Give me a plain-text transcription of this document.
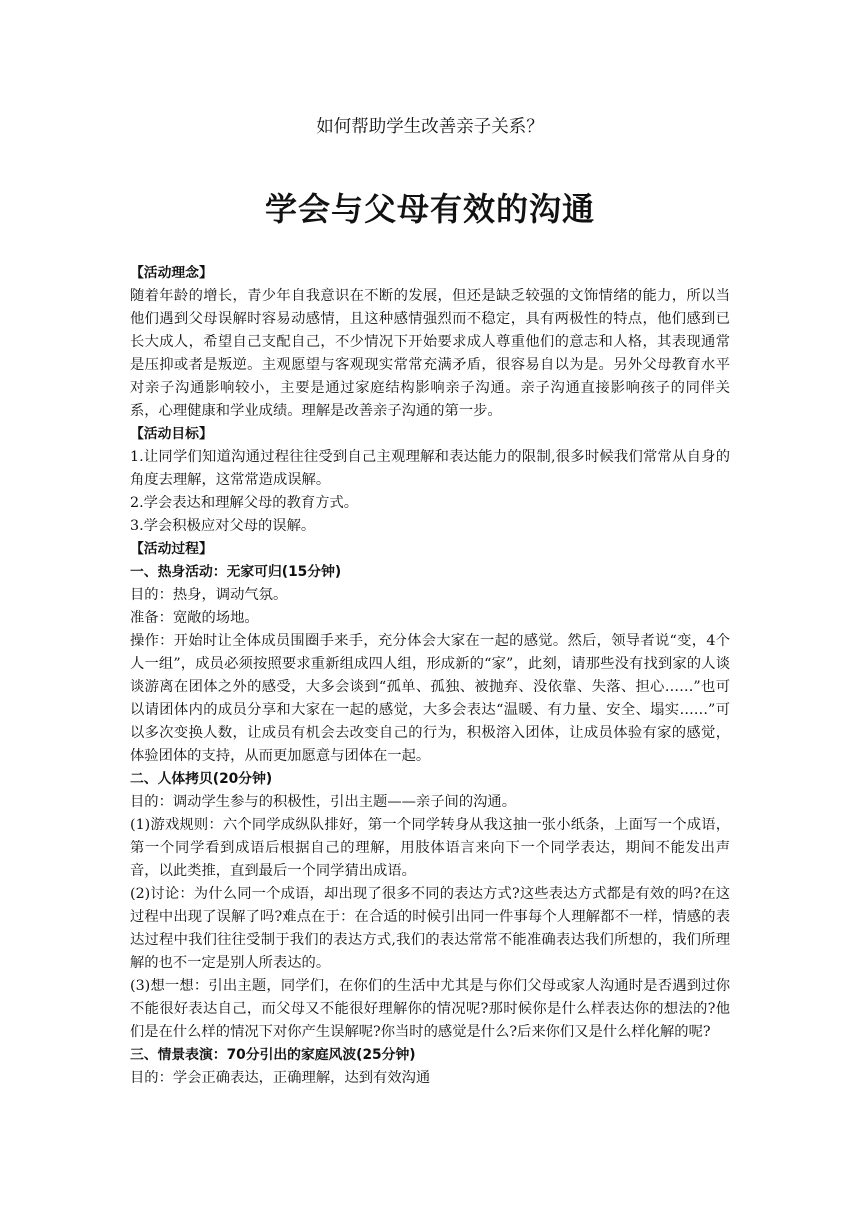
如何帮助学生改善亲子关系？
学会与父母有效的沟通

【活动理念】

随着年龄的增长，青少年自我意识在不断的发展，但还是缺乏较强的文饰情绪的能力，所以当他们遇到父母误解时容易动感情，且这种感情强烈而不稳定，具有两极性的特点，他们感到已长大成人，希望自己支配自己，不少情况下开始要求成人尊重他们的意志和人格，其表现通常是压抑或者是叛逆。主观愿望与客观现实常常充满矛盾，很容易自以为是。另外父母教育水平对亲子沟通影响较小，主要是通过家庭结构影响亲子沟通。亲子沟通直接影响孩子的同伴关系，心理健康和学业成绩。理解是改善亲子沟通的第一步。

【活动目标】

1.让同学们知道沟通过程往往受到自己主观理解和表达能力的限制,很多时候我们常常从自身的角度去理解，这常常造成误解。

2.学会表达和理解父母的教育方式。

3.学会积极应对父母的误解。

【活动过程】

一、热身活动：无家可归(15分钟)

目的：热身，调动气氛。

准备：宽敞的场地。

操作：开始时让全体成员围圈手来手，充分体会大家在一起的感觉。然后，领导者说“变，4个人一组”，成员必须按照要求重新组成四人组，形成新的“家”，此刻，请那些没有找到家的人谈谈游离在团体之外的感受，大多会谈到“孤单、孤独、被抛弃、没依靠、失落、担心……”也可以请团体内的成员分享和大家在一起的感觉，大多会表达“温暖、有力量、安全、塌实……”可以多次变换人数，让成员有机会去改变自己的行为，积极溶入团体，让成员体验有家的感觉，体验团体的支持，从而更加愿意与团体在一起。

二、人体拷贝(20分钟)

目的：调动学生参与的积极性，引出主题——亲子间的沟通。

(1)游戏规则：六个同学成纵队排好，第一个同学转身从我这抽一张小纸条，上面写一个成语，第一个同学看到成语后根据自己的理解，用肢体语言来向下一个同学表达，期间不能发出声音，以此类推，直到最后一个同学猜出成语。

(2)讨论：为什么同一个成语，却出现了很多不同的表达方式?这些表达方式都是有效的吗?在这过程中出现了误解了吗?难点在于：在合适的时候引出同一件事每个人理解都不一样，情感的表达过程中我们往往受制于我们的表达方式,我们的表达常常不能准确表达我们所想的，我们所理解的也不一定是别人所表达的。

(3)想一想：引出主题，同学们，在你们的生活中尤其是与你们父母或家人沟通时是否遇到过你不能很好表达自己，而父母又不能很好理解你的情况呢?那时候你是什么样表达你的想法的?他们是在什么样的情况下对你产生误解呢?你当时的感觉是什么?后来你们又是什么样化解的呢?

三、情景表演：70分引出的家庭风波(25分钟)

目的：学会正确表达，正确理解，达到有效沟通
